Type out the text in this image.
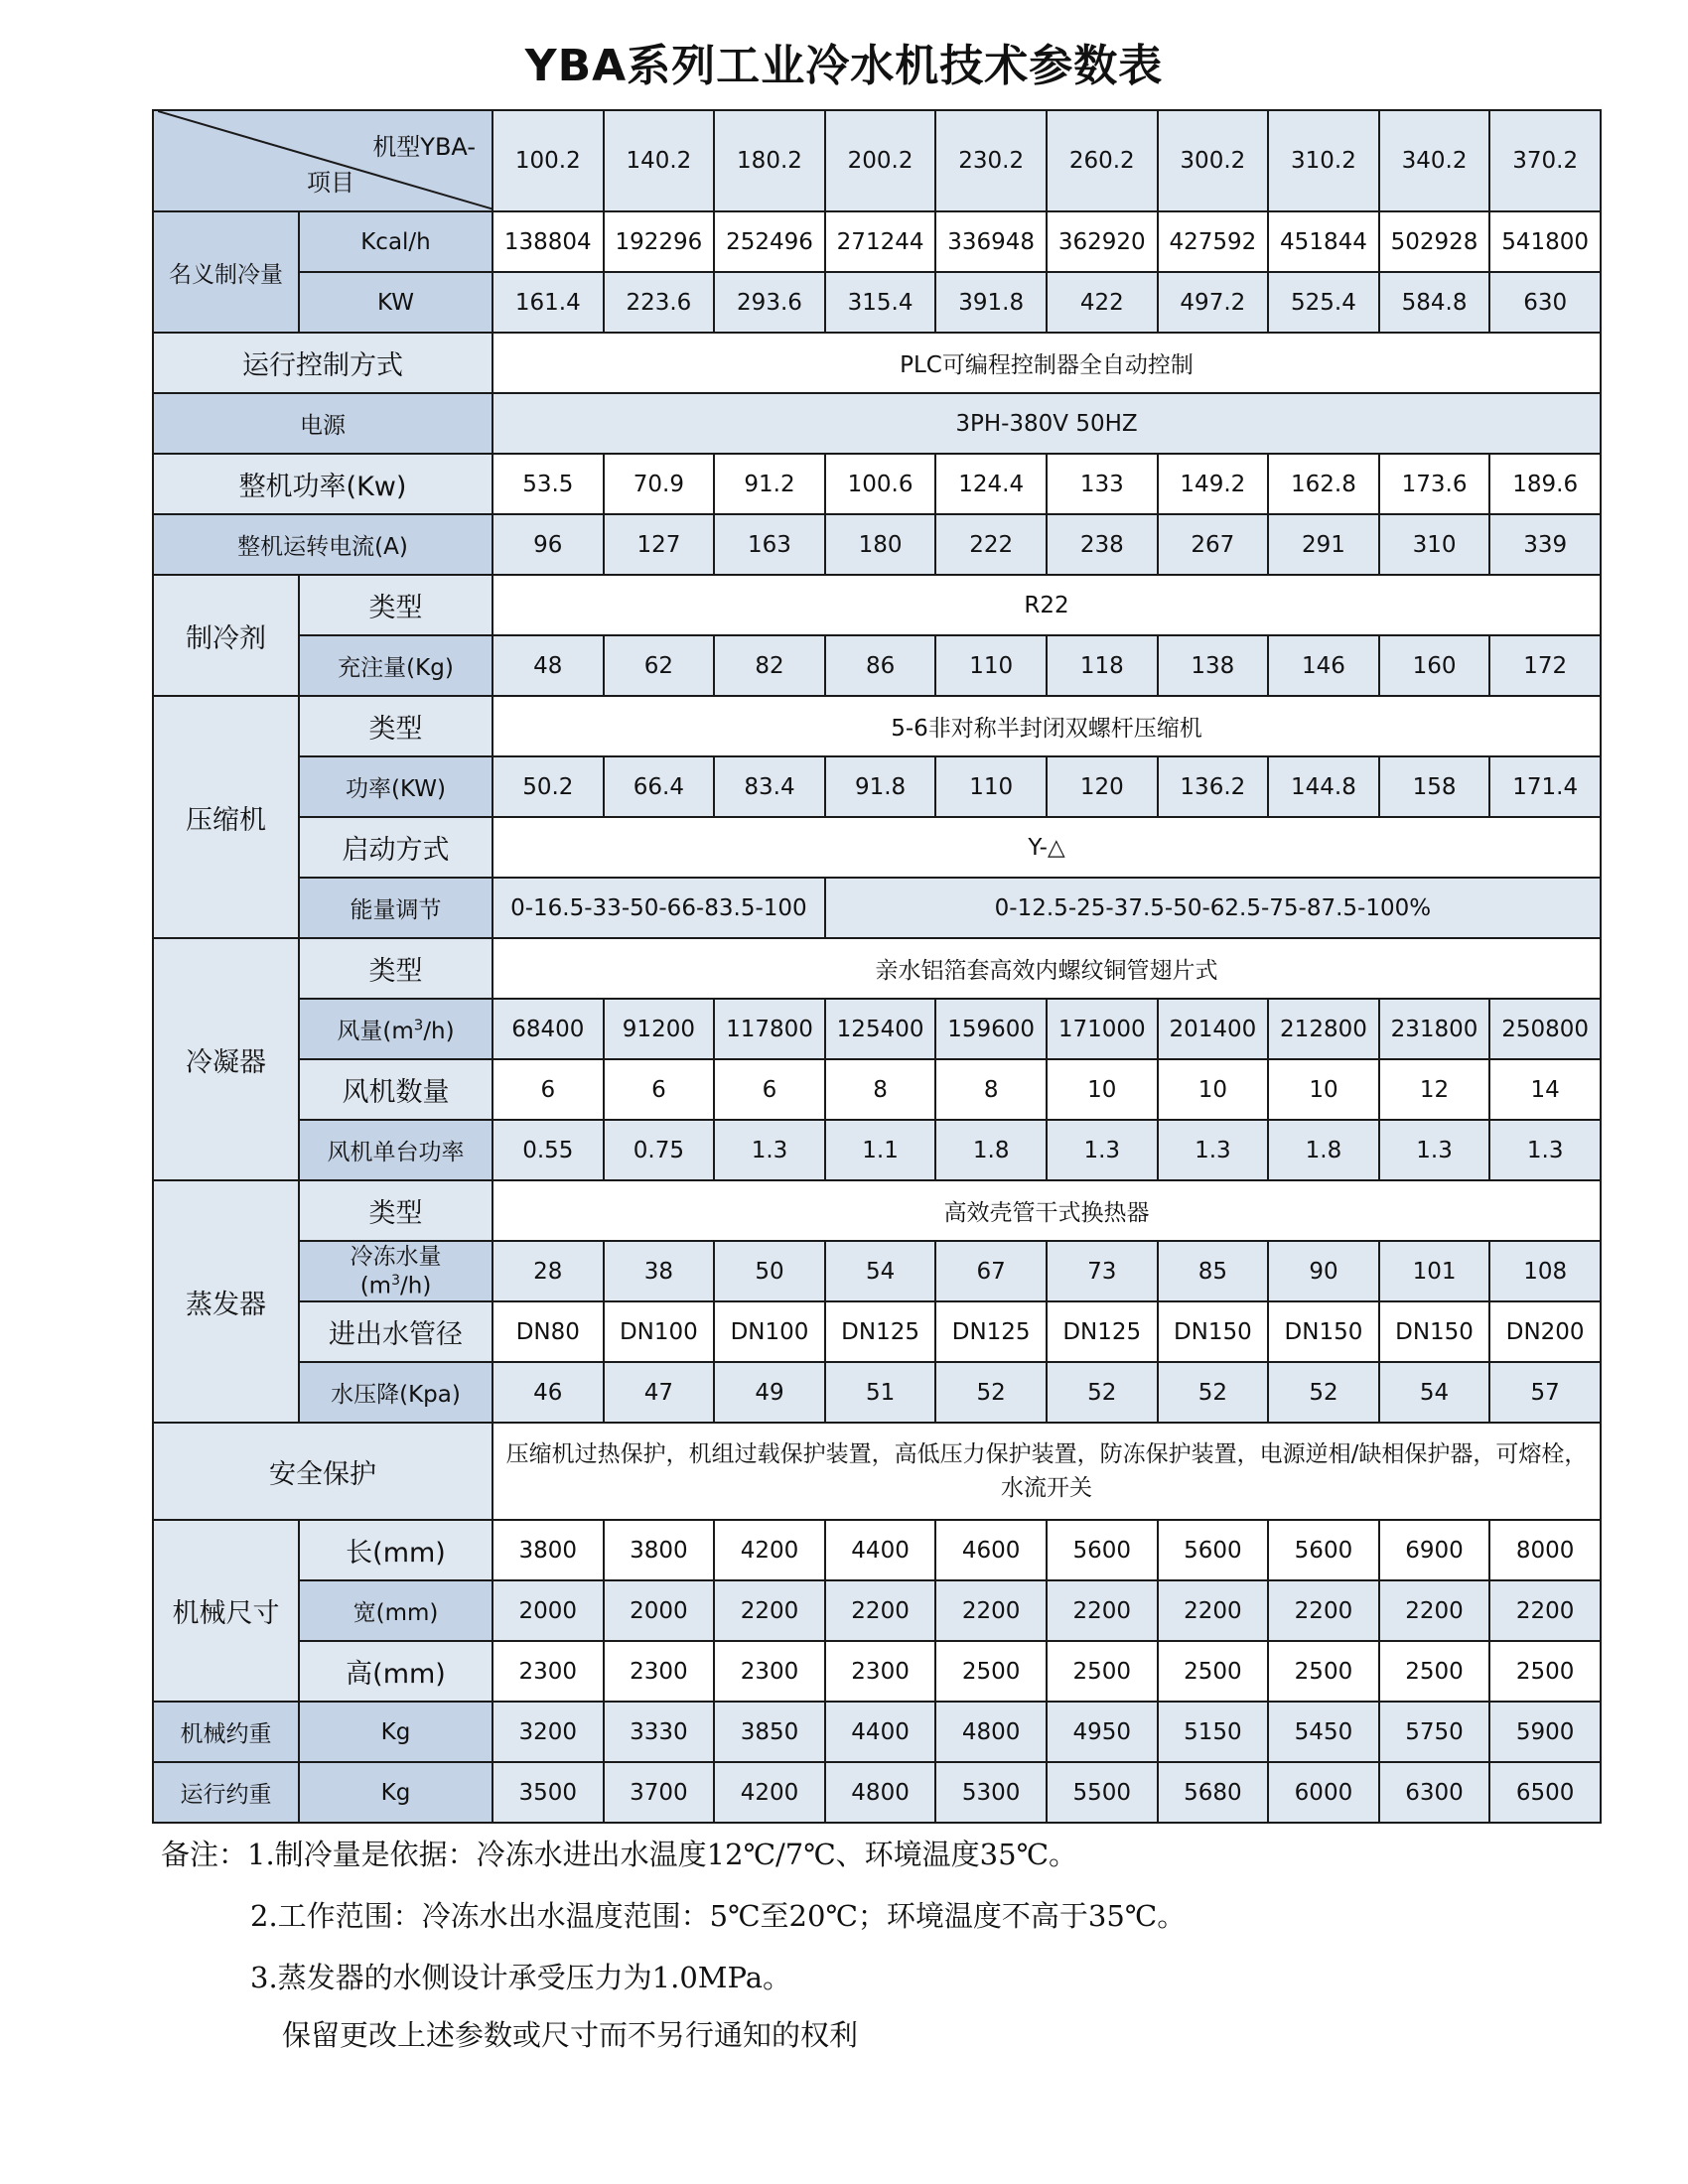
YBA系列工业冷水机技术参数表
机型YBA-
项目		100.2	140.2	180.2	200.2	230.2	260.2	300.2	310.2	340.2	370.2
名义制冷量	Kcal/h	138804	192296	252496	271244	336948	362920	427592	451844	502928	541800
	KW	161.4	223.6	293.6	315.4	391.8	422	497.2	525.4	584.8	630
运行控制方式		PLC可编程控制器全自动控制									
电源		3PH-380V 50HZ									
整机功率(Kw)		53.5	70.9	91.2	100.6	124.4	133	149.2	162.8	173.6	189.6
整机运转电流(A)		96	127	163	180	222	238	267	291	310	339
制冷剂	类型	R22									
	充注量(Kg)	48	62	82	86	110	118	138	146	160	172
压缩机	类型	5-6非对称半封闭双螺杆压缩机									
	功率(KW)	50.2	66.4	83.4	91.8	110	120	136.2	144.8	158	171.4
	启动方式	Y-△									
	能量调节	0-16.5-33-50-66-83.5-100			0-12.5-25-37.5-50-62.5-75-87.5-100%						
冷凝器	类型	亲水铝箔套高效内螺纹铜管翅片式									
	风量$(m^3/h)$	68400	91200	117800	125400	159600	171000	201400	212800	231800	250800
	风机数量	6	6	6	8	8	10	10	10	12	14
	风机单台功率	0.55	0.75	1.3	1.1	1.8	1.3	1.3	1.8	1.3	1.3
蒸发器	类型	高效壳管干式换热器									
	冷冻水量
$(m^3/h)$	28	38	50	54	67	73	85	90	101	108
	进出水管径	DN80	DN100	DN100	DN125	DN125	DN125	DN150	DN150	DN150	DN200
	水压降(Kpa)	46	47	49	51	52	52	52	52	54	57
安全保护		压缩机过热保护，机组过载保护装置，高低压力保护装置，防冻保护装置，电源逆相/缺相保护器，可熔栓，水流开关									
机械尺寸	长(mm)	3800	3800	4200	4400	4600	5600	5600	5600	6900	8000
	宽(mm)	2000	2000	2200	2200	2200	2200	2200	2200	2200	2200
	高(mm)	2300	2300	2300	2300	2500	2500	2500	2500	2500	2500
机械约重	Kg	3200	3330	3850	4400	4800	4950	5150	5450	5750	5900
运行约重	Kg	3500	3700	4200	4800	5300	5500	5680	6000	6300	6500
备注：1.制冷量是依据：冷冻水进出水温度12℃/7℃、环境温度35℃。
2.工作范围：冷冻水出水温度范围：5℃至20℃；环境温度不高于35℃。
3.蒸发器的水侧设计承受压力为1.0MPa。
保留更改上述参数或尺寸而不另行通知的权利
